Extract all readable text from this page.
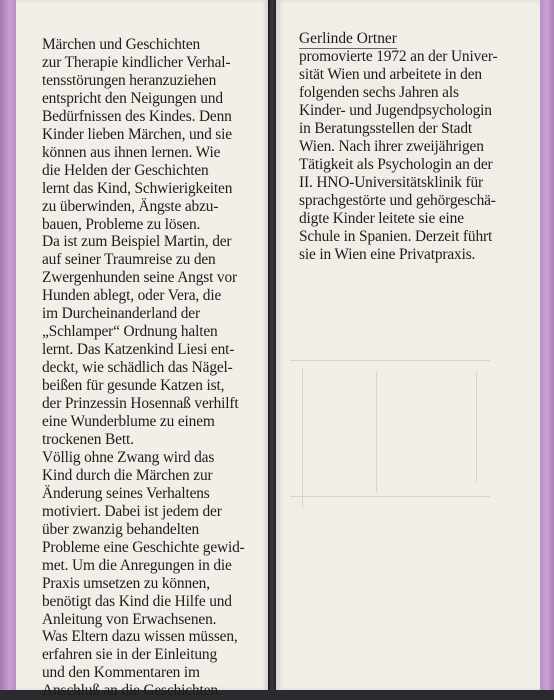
Märchen und Geschichten
zur Therapie kindlicher Verhal-
tensstörungen heranzuziehen
entspricht den Neigungen und
Bedürfnissen des Kindes. Denn
Kinder lieben Märchen, und sie
können aus ihnen lernen. Wie
die Helden der Geschichten
lernt das Kind, Schwierigkeiten
zu überwinden, Ängste abzu-
bauen, Probleme zu lösen.
Da ist zum Beispiel Martin, der
auf seiner Traumreise zu den
Zwergenhunden seine Angst vor
Hunden ablegt, oder Vera, die
im Durcheinanderland der
„Schlamper“ Ordnung halten
lernt. Das Katzenkind Liesi ent-
deckt, wie schädlich das Nägel-
beißen für gesunde Katzen ist,
der Prinzessin Hosennaß verhilft
eine Wunderblume zu einem
trockenen Bett.
Völlig ohne Zwang wird das
Kind durch die Märchen zur
Änderung seines Verhaltens
motiviert. Dabei ist jedem der
über zwanzig behandelten
Probleme eine Geschichte gewid-
met. Um die Anregungen in die
Praxis umsetzen zu können,
benötigt das Kind die Hilfe und
Anleitung von Erwachsenen.
Was Eltern dazu wissen müssen,
erfahren sie in der Einleitung
und den Kommentaren im
Anschluß an die Geschichten.

Gerlinde Ortner

promovierte 1972 an der Univer-
sität Wien und arbeitete in den
folgenden sechs Jahren als
Kinder- und Jugendpsychologin
in Beratungsstellen der Stadt
Wien. Nach ihrer zweijährigen
Tätigkeit als Psychologin an der
II. HNO-Universitätsklinik für
sprachgestörte und gehörgeschä-
digte Kinder leitete sie eine
Schule in Spanien. Derzeit führt
sie in Wien eine Privatpraxis.
